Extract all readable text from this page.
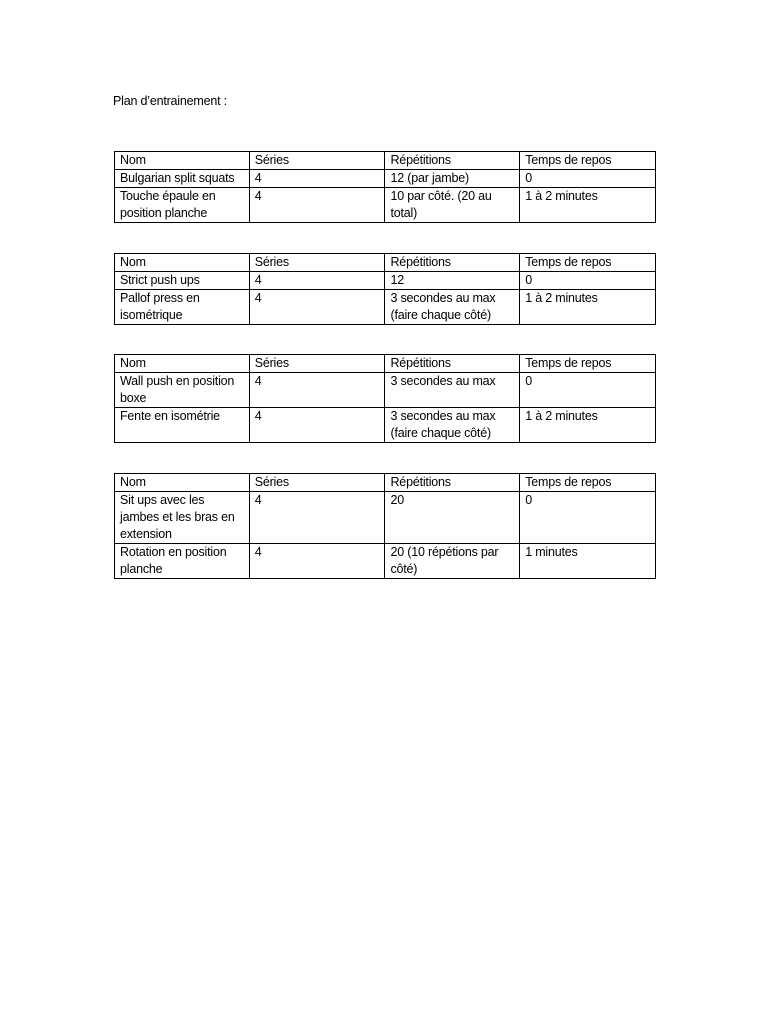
Plan d’entrainement :
Nom	Séries	Répétitions	Temps de repos
Bulgarian split squats	4	12 (par jambe)	0
Touche épaule en position planche	4	10 par côté. (20 au total)	1 à 2 minutes
Nom	Séries	Répétitions	Temps de repos
Strict push ups	4	12	0
Pallof press en isométrique	4	3 secondes au max (faire chaque côté)	1 à 2 minutes
Nom	Séries	Répétitions	Temps de repos
Wall push en position boxe	4	3 secondes au max	0
Fente en isométrie	4	3 secondes au max (faire chaque côté)	1 à 2 minutes
Nom	Séries	Répétitions	Temps de repos
Sit ups avec les jambes et les bras en extension	4	20	0
Rotation en position planche	4	20 (10 répétions par côté)	1 minutes
